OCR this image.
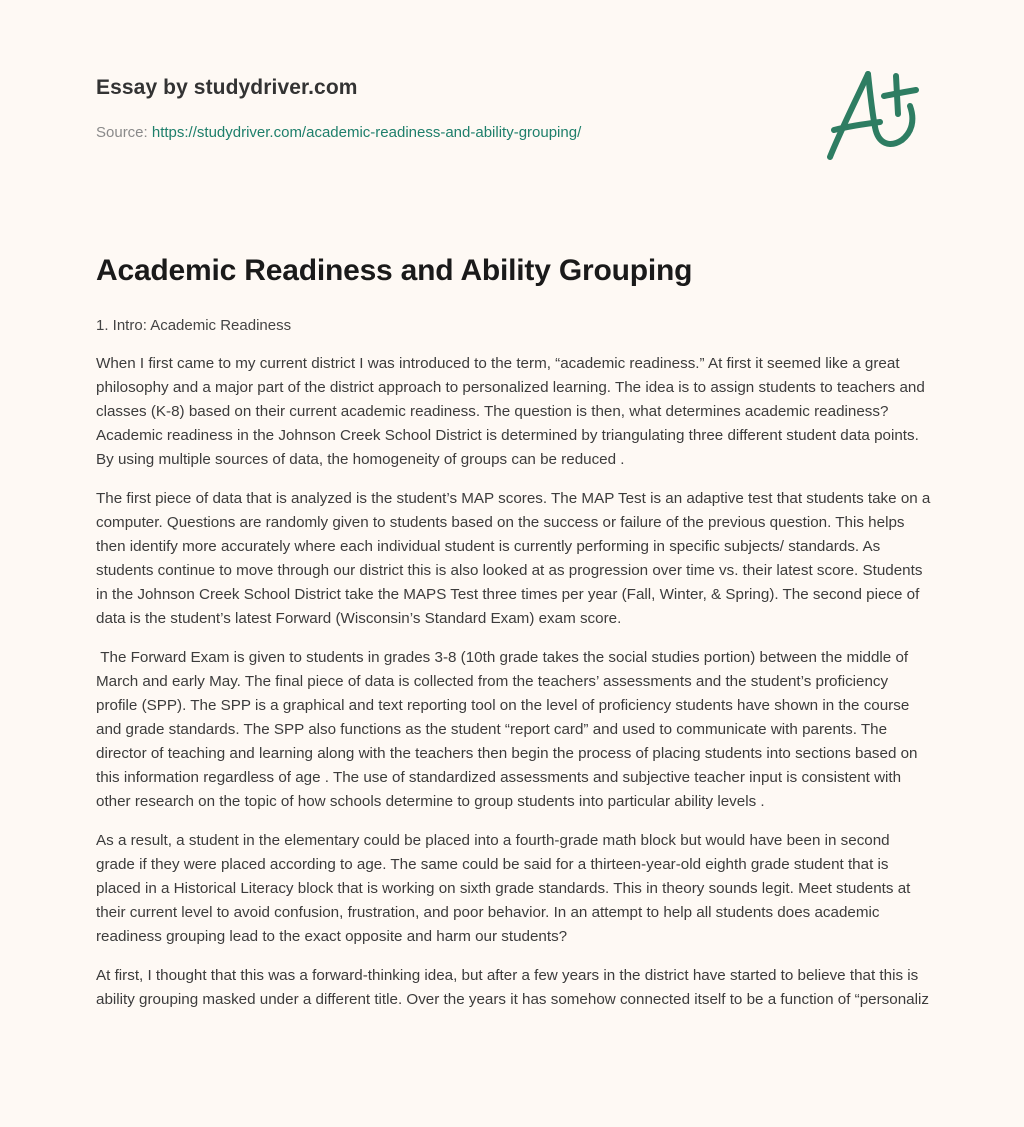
Essay by studydriver.com
Source: https://studydriver.com/academic-readiness-and-ability-grouping/
Academic Readiness and Ability Grouping

1. Intro: Academic Readiness

When I first came to my current district I was introduced to the term, “academic readiness.” At first it seemed like a great philosophy and a major part of the district approach to personalized learning. The idea is to assign students to teachers and classes (K-8) based on their current academic readiness. The question is then, what determines academic readiness? Academic readiness in the Johnson Creek School District is determined by triangulating three different student data points. By using multiple sources of data, the homogeneity of groups can be reduced .

The first piece of data that is analyzed is the student’s MAP scores. The MAP Test is an adaptive test that students take on a computer. Questions are randomly given to students based on the success or failure of the previous question. This helps then identify more accurately where each individual student is currently performing in specific subjects/ standards. As students continue to move through our district this is also looked at as progression over time vs. their latest score. Students in the Johnson Creek School District take the MAPS Test three times per year (Fall, Winter, & Spring). The second piece of data is the student’s latest Forward (Wisconsin’s Standard Exam) exam score.

The Forward Exam is given to students in grades 3-8 (10th grade takes the social studies portion) between the middle of March and early May. The final piece of data is collected from the teachers’ assessments and the student’s proficiency profile (SPP). The SPP is a graphical and text reporting tool on the level of proficiency students have shown in the course and grade standards. The SPP also functions as the student “report card” and used to communicate with parents. The director of teaching and learning along with the teachers then begin the process of placing students into sections based on this information regardless of age . The use of standardized assessments and subjective teacher input is consistent with other research on the topic of how schools determine to group students into particular ability levels .

As a result, a student in the elementary could be placed into a fourth-grade math block but would have been in second grade if they were placed according to age. The same could be said for a thirteen-year-old eighth grade student that is placed in a Historical Literacy block that is working on sixth grade standards. This in theory sounds legit. Meet students at their current level to avoid confusion, frustration, and poor behavior. In an attempt to help all students does academic readiness grouping lead to the exact opposite and harm our students?

At first, I thought that this was a forward-thinking idea, but after a few years in the district have started to believe that this is ability grouping masked under a different title. Over the years it has somehow connected itself to be a function of “personaliz
